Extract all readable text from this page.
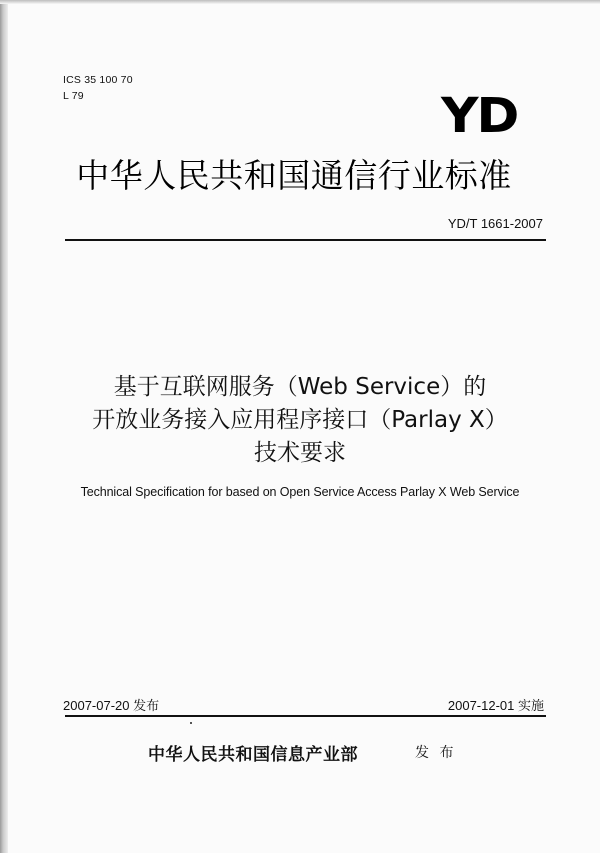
ICS 35 100 70
L 79	YD
中华人民共和国通信行业标准
YD/T 1661-2007
基于互联网服务（Web Service）的
开放业务接入应用程序接口（Parlay X）
技术要求
Technical Specification for based on Open Service Access Parlay X Web Service
2007-07-20 发布	2007-12-01 实施
中华人民共和国信息产业部	发 布
